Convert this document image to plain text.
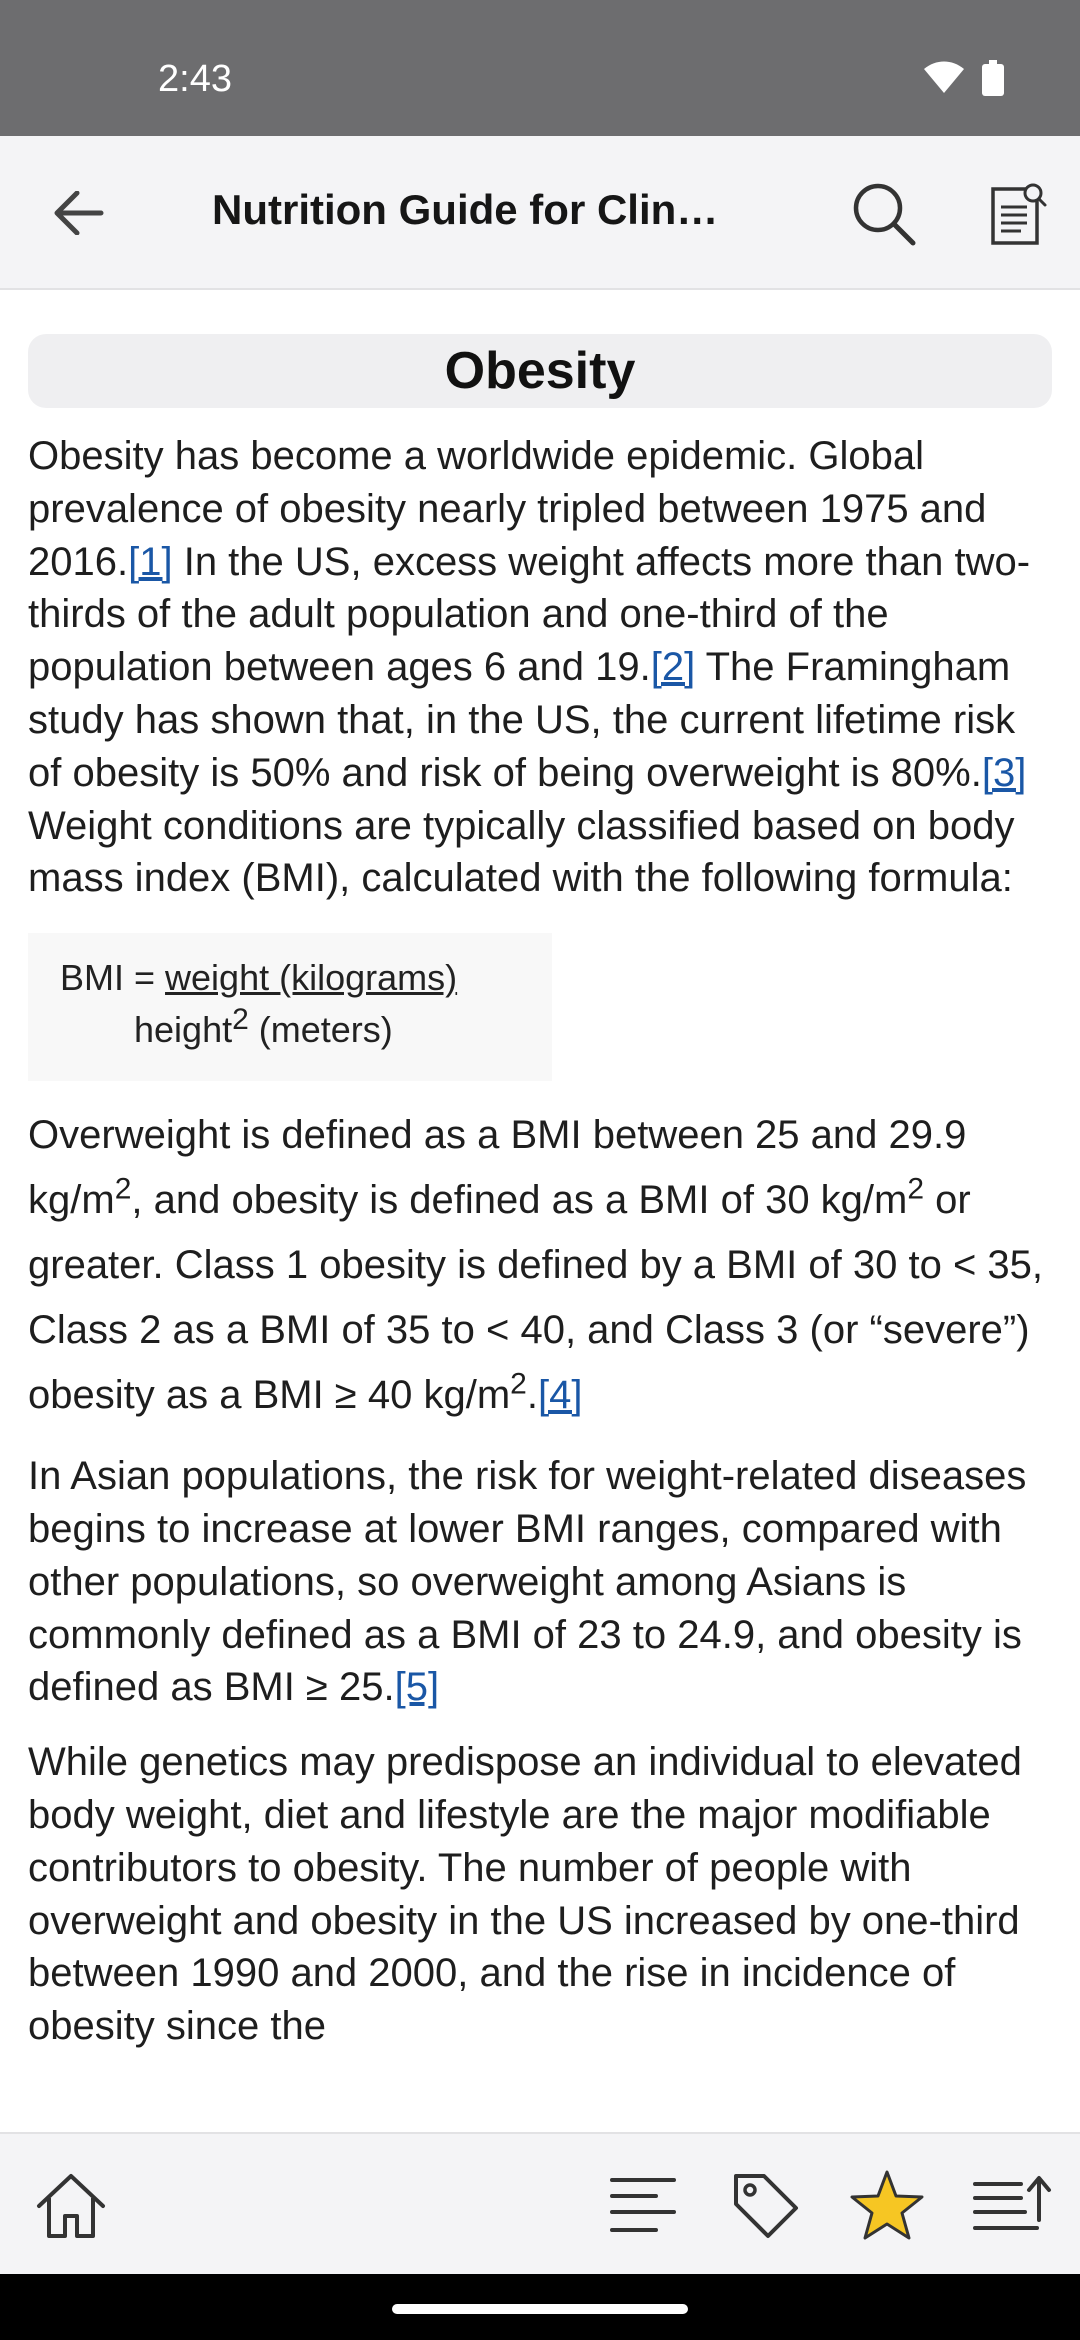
2:43
Nutrition Guide for Clin…
Obesity

Obesity has become a worldwide epidemic. Global prevalence of obesity nearly tripled between 1975 and 2016.[1] In the US, excess weight affects more than two-thirds of the adult population and one-third of the population between ages 6 and 19.[2] The Framingham study has shown that, in the US, the current lifetime risk of obesity is 50% and risk of being overweight is 80%.[3] Weight conditions are typically classified based on body mass index (BMI), calculated with the following formula:

BMI = weight (kilograms)
height$^2$ (meters)

Overweight is defined as a BMI between 25 and 29.9 $kg/m^2$, and obesity is defined as a BMI of 30 $kg/m^2$ or greater. Class 1 obesity is defined by a BMI of 30 to < 35, Class 2 as a BMI of 35 to < 40, and Class 3 (or “severe”) obesity as a BMI ≥ 40 $kg/m^2.[4]$

In Asian populations, the risk for weight-related diseases begins to increase at lower BMI ranges, compared with other populations, so overweight among Asians is commonly defined as a BMI of 23 to 24.9, and obesity is defined as BMI ≥ 25.[5]

While genetics may predispose an individual to elevated body weight, diet and lifestyle are the major modifiable contributors to obesity. The number of people with overweight and obesity in the US increased by one-third between 1990 and 2000, and the rise in incidence of obesity since the
